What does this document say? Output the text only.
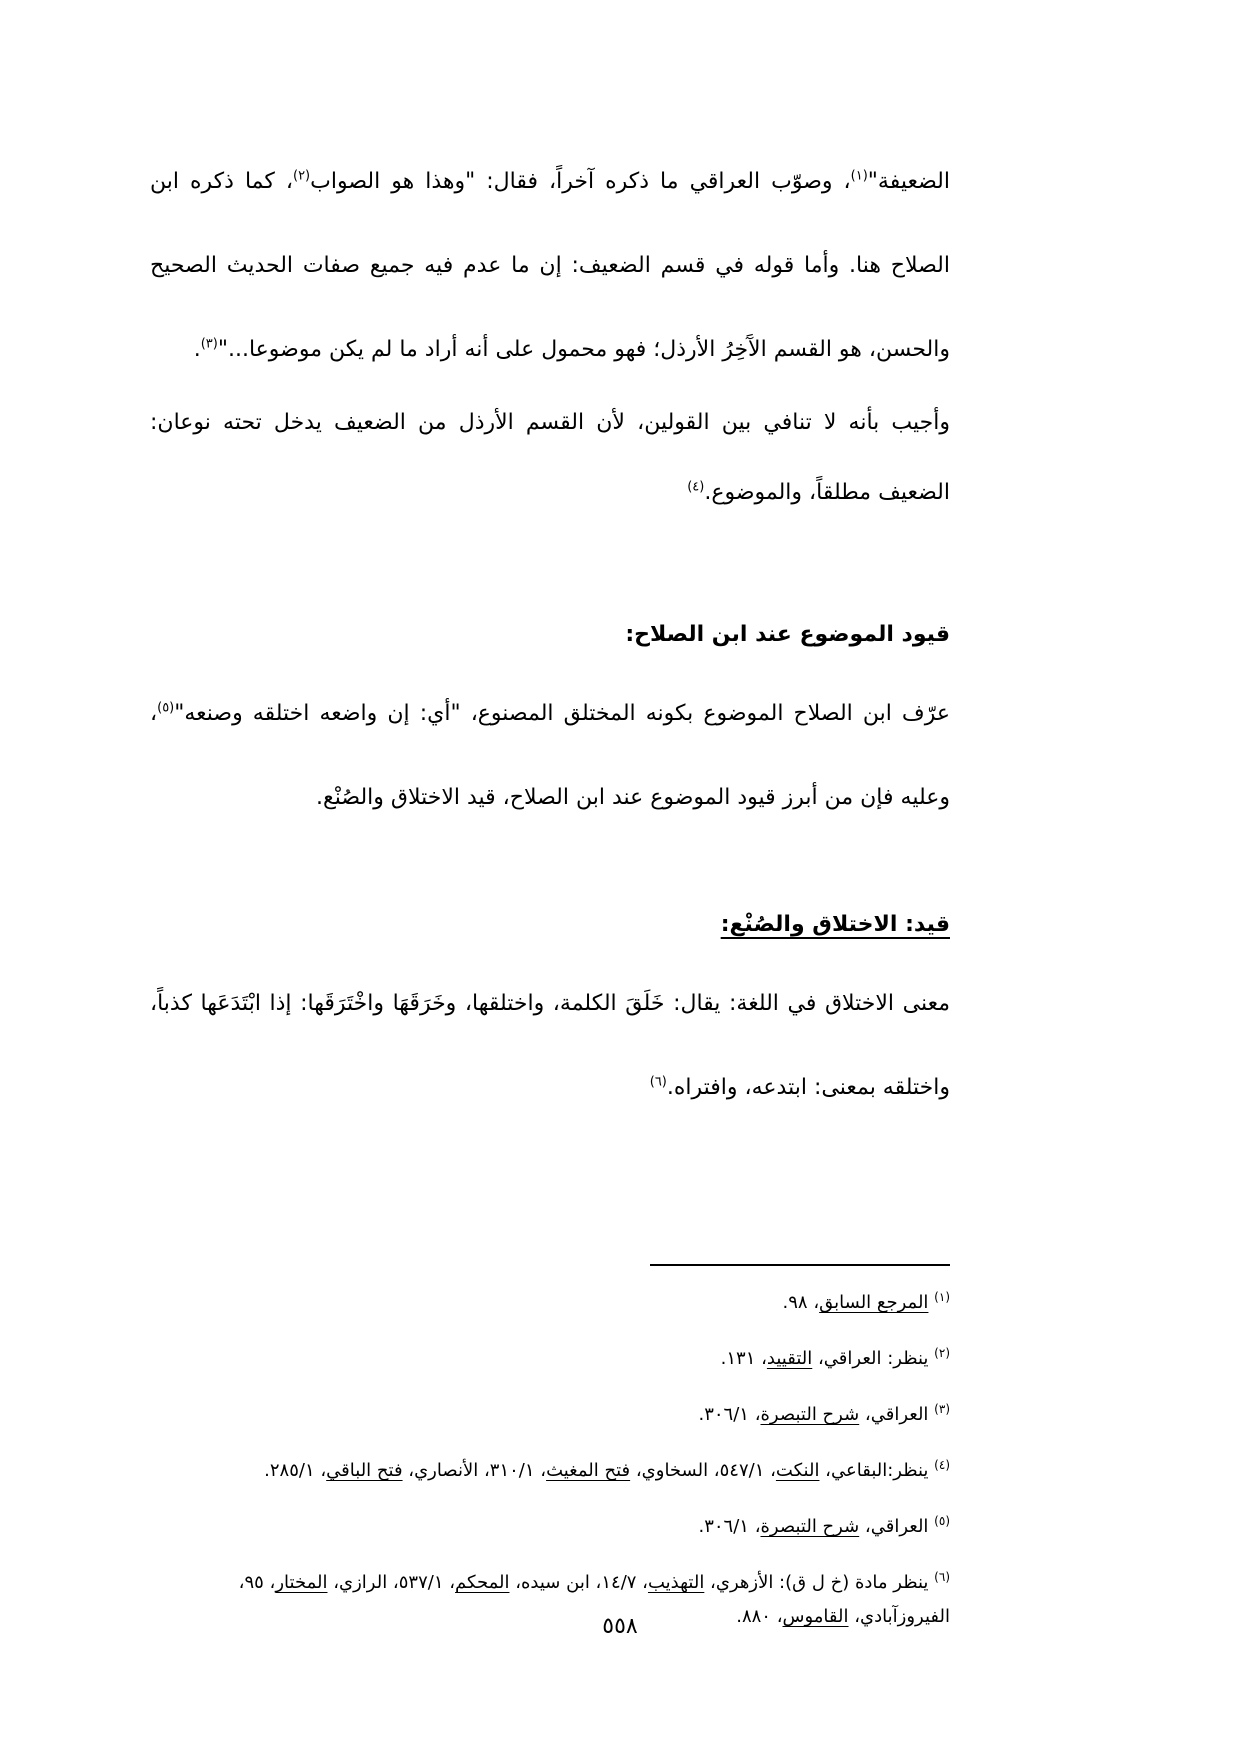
الضعيفة"$^{(١)}$، وصوّب العراقي ما ذكره آخراً، فقال: "وهذا هو الصواب$^{(٢)}$، كما ذكره ابن الصلاح هنا. وأما قوله في قسم الضعيف: إن ما عدم فيه جميع صفات الحديث الصحيح والحسن، هو القسم الآَخِرُ الأرذل؛ فهو محمول على أنه أراد ما لم يكن موضوعا..."$^{(٣)}$.
وأجيب بأنه لا تنافي بين القولين، لأن القسم الأرذل من الضعيف يدخل تحته نوعان: الضعيف مطلقاً، والموضوع.$^{(٤)}$
قيود الموضوع عند ابن الصلاح:
عرّف ابن الصلاح الموضوع بكونه المختلق المصنوع، "أي: إن واضعه اختلقه وصنعه"$^{(٥)}$، وعليه فإن من أبرز قيود الموضوع عند ابن الصلاح، قيد الاختلاق والصُنْع.
قيد: الاختلاق والصُنْع:
معنى الاختلاق في اللغة: يقال: خَلَقَ الكلمة، واختلقها، وخَرَقَهَا واخْتَرَقَها: إذا ابْتَدَعَها كذباً، واختلقه بمعنى: ابتدعه، وافتراه.$^{(٦)}$
$^{(١)}$ المرجع السابق، ٩٨.
$^{(٢)}$ ينظر: العراقي، التقييد، ١٣١.
$^{(٣)}$ العراقي، شرح التبصرة، ٣٠٦/١.
$^{(٤)}$ ينظر:البقاعي، النكت، ٥٤٧/١، السخاوي، فتح المغيث، ٣١٠/١، الأنصاري، فتح الباقي، ٢٨٥/١.
$^{(٥)}$ العراقي، شرح التبصرة، ٣٠٦/١.
$^{(٦)}$ ينظر مادة (خ ل ق): الأزهري، التهذيب، ١٤/٧، ابن سيده، المحكم، ٥٣٧/١، الرازي، المختار، ٩٥، الفيروزآبادي، القاموس، ٨٨٠.
٥٥٨
